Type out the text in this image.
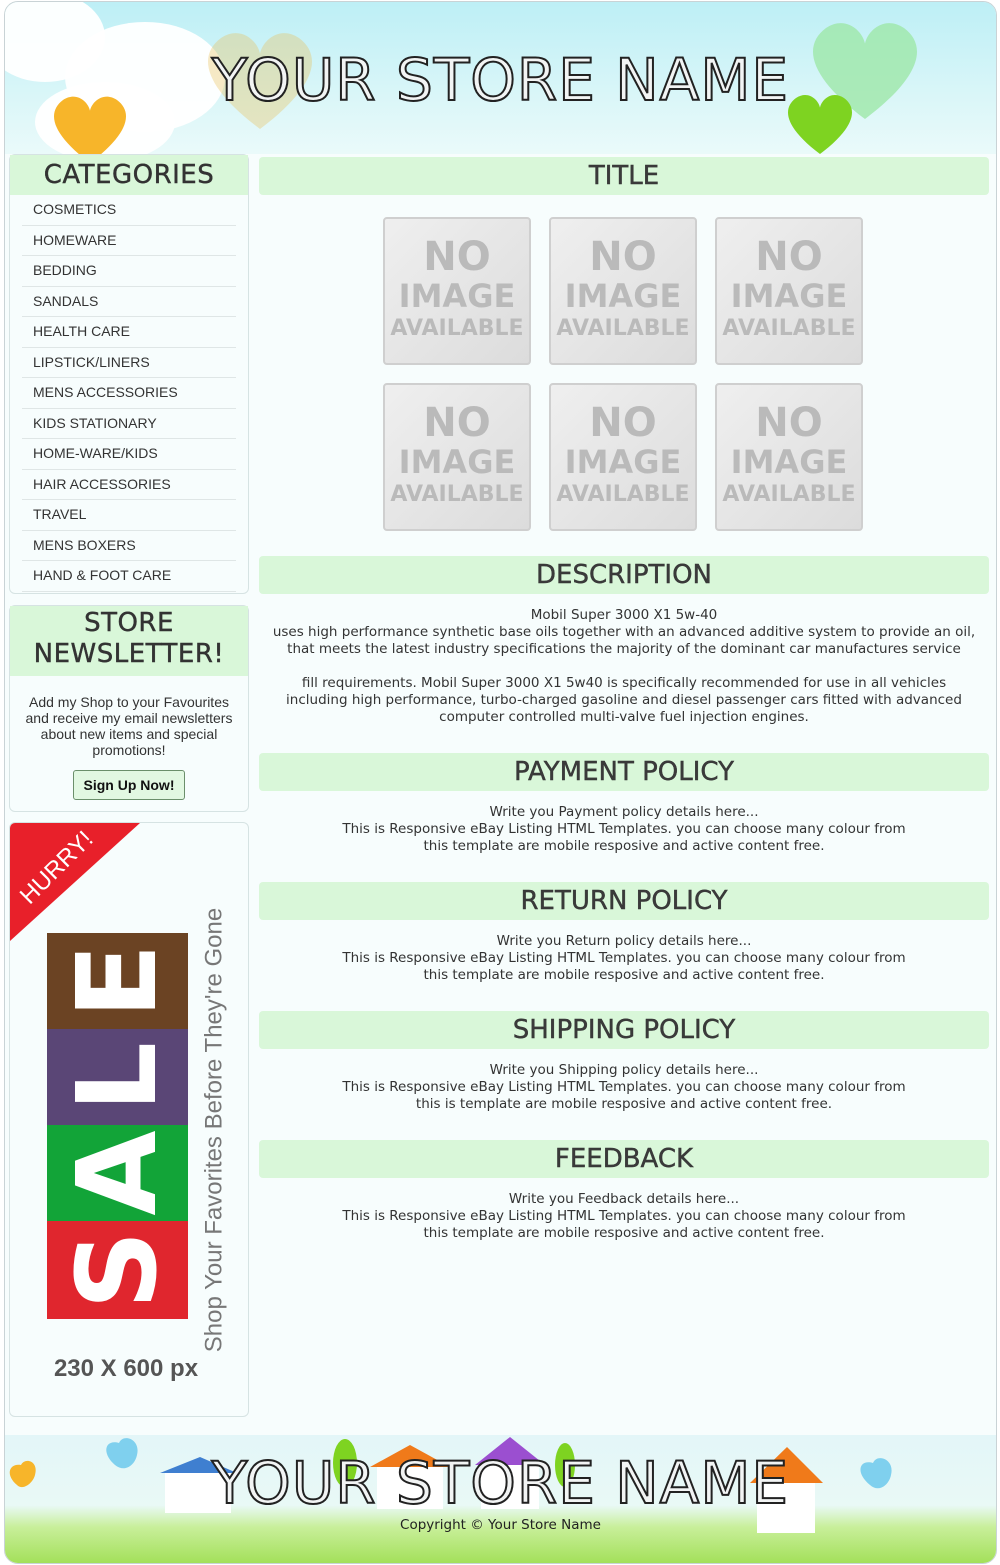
YOUR STORE NAME
CATEGORIES
COSMETICS
HOMEWARE
BEDDING
SANDALS
HEALTH CARE
LIPSTICK/LINERS
MENS ACCESSORIES
KIDS STATIONARY
HOME-WARE/KIDS
HAIR ACCESSORIES
TRAVEL
MENS BOXERS
HAND & FOOT CARE
STORE
NEWSLETTER!
Add my Shop to your Favourites and receive my email newsletters about new items and special promotions!
Sign Up Now!
HURRY!
E
L
A
S Shop Your Favorites Before They're Gone
230 X 600 px
TITLE
NO
IMAGE
AVAILABLE
NO
IMAGE
AVAILABLE
NO
IMAGE
AVAILABLE
NO
IMAGE
AVAILABLE
NO
IMAGE
AVAILABLE
NO
IMAGE
AVAILABLE
DESCRIPTION
Mobil Super 3000 X1 5w-40
uses high performance synthetic base oils together with an advanced additive system to provide an oil, that meets the latest industry specifications the majority of the dominant car manufactures service
fill requirements. Mobil Super 3000 X1 5w40 is specifically recommended for use in all vehicles including high performance, turbo-charged gasoline and diesel passenger cars fitted with advanced computer controlled multi-valve fuel injection engines.
PAYMENT POLICY
Write you Payment policy details here...
This is Responsive eBay Listing HTML Templates. you can choose many colour from this template are mobile resposive and active content free.
RETURN POLICY
Write you Return policy details here...
This is Responsive eBay Listing HTML Templates. you can choose many colour from this template are mobile resposive and active content free.
SHIPPING POLICY
Write you Shipping policy details here...
This is Responsive eBay Listing HTML Templates. you can choose many colour from this is template are mobile resposive and active content free.
FEEDBACK
Write you Feedback details here...
This is Responsive eBay Listing HTML Templates. you can choose many colour from this template are mobile resposive and active content free.
YOUR STORE NAME
Copyright © Your Store Name
